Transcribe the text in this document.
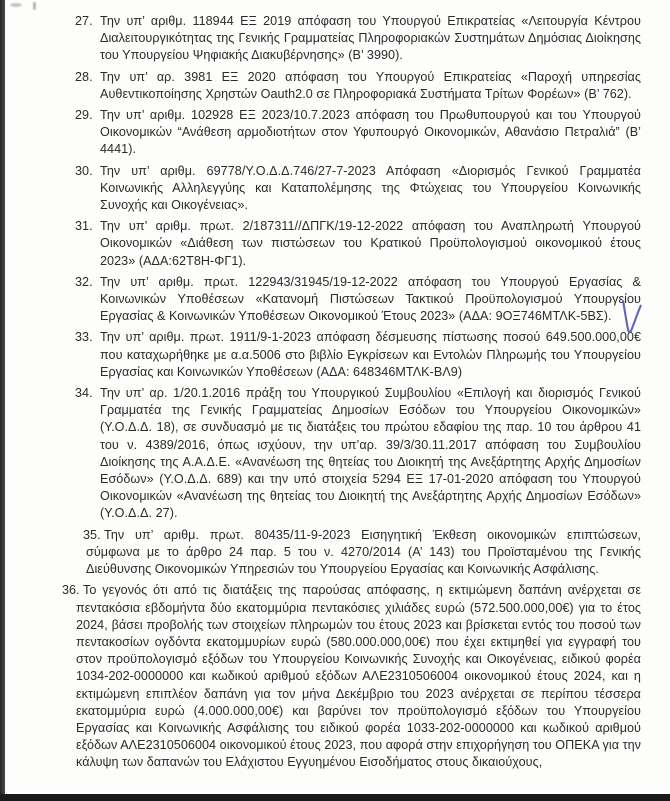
27. Την υπ’ αριθμ. 118944 ΕΞ 2019 απόφαση του Υπουργού Επικρατείας «Λειτουργία Κέντρου Διαλειτουργικότητας της Γενικής Γραμματείας Πληροφοριακών Συστημάτων Δημόσιας Διοίκησης του Υπουργείου Ψηφιακής Διακυβέρνησης» (Β’ 3990).
28. Την υπ’ αρ. 3981 ΕΞ 2020 απόφαση του Υπουργού Επικρατείας «Παροχή υπηρεσίας Αυθεντικοποίησης Χρηστών Oauth2.0 σε Πληροφοριακά Συστήματα Τρίτων Φορέων» (Β’ 762).
29. Την υπ’ αριθμ. 102928 ΕΞ 2023/10.7.2023 απόφαση του Πρωθυπουργού και του Υπουργού Οικονομικών “Ανάθεση αρμοδιοτήτων στον Υφυπουργό Οικονομικών, Αθανάσιο Πετραλιά” (Β’ 4441).
30. Την υπ’ αριθμ. 69778/Υ.Ο.Δ.Δ.746/27-7-2023 Απόφαση «Διορισμός Γενικού Γραμματέα Κοινωνικής Αλληλεγγύης και Καταπολέμησης της Φτώχειας του Υπουργείου Κοινωνικής Συνοχής και Οικογένειας».
31. Την υπ’ αριθμ. πρωτ. 2/187311//ΔΠΓΚ/19-12-2022 απόφαση του Αναπληρωτή Υπουργού Οικονομικών «Διάθεση των πιστώσεων του Κρατικού Προϋπολογισμού οικονομικού έτους 2023» (ΑΔΑ:62Τ8Η-ΦΓ1).
32. Την υπ’ αριθμ. πρωτ. 122943/31945/19-12-2022 απόφαση του Υπουργού Εργασίας & Κοινωνικών Υποθέσεων «Κατανομή Πιστώσεων Τακτικού Προϋπολογισμού Υπουργείου Εργασίας & Κοινωνικών Υποθέσεων Οικονομικού Έτους 2023» (ΑΔΑ: 9ΟΞ746ΜΤΛΚ-5ΒΣ).
33. Την υπ’ αριθμ. πρωτ. 1911/9-1-2023 απόφαση δέσμευσης πίστωσης ποσού 649.500.000,00€ που καταχωρήθηκε με α.α.5006 στο βιβλίο Εγκρίσεων και Εντολών Πληρωμής του Υπουργείου Εργασίας και Κοινωνικών Υποθέσεων (ΑΔΑ: 648346ΜΤΛΚ-ΒΛ9)
34. Την υπ’ αρ. 1/20.1.2016 πράξη του Υπουργικού Συμβουλίου «Επιλογή και διορισμός Γενικού Γραμματέα της Γενικής Γραμματείας Δημοσίων Εσόδων του Υπουργείου Οικονομικών» (Υ.Ο.Δ.Δ. 18), σε συνδυασμό με τις διατάξεις του πρώτου εδαφίου της παρ. 10 του άρθρου 41 του ν. 4389/2016, όπως ισχύουν, την υπ’αρ. 39/3/30.11.2017 απόφαση του Συμβουλίου Διοίκησης της Α.Α.Δ.Ε. «Ανανέωση της θητείας του Διοικητή της Ανεξάρτητης Αρχής Δημοσίων Εσόδων» (Υ.Ο.Δ.Δ. 689) και την υπό στοιχεία 5294 ΕΞ 17-01-2020 απόφαση του Υπουργού Οικονομικών «Ανανέωση της θητείας του Διοικητή της Ανεξάρτητης Αρχής Δημοσίων Εσόδων» (Υ.Ο.Δ.Δ. 27).
35. Την υπ’ αριθμ. πρωτ. 80435/11-9-2023 Εισηγητική Έκθεση οικονομικών επιπτώσεων, σύμφωνα με το άρθρο 24 παρ. 5 του ν. 4270/2014 (Α’ 143) του Προϊσταμένου της Γενικής Διεύθυνσης Οικονομικών Υπηρεσιών του Υπουργείου Εργασίας και Κοινωνικής Ασφάλισης.
36. Το γεγονός ότι από τις διατάξεις της παρούσας απόφασης, η εκτιμώμενη δαπάνη ανέρχεται σε πεντακόσια εβδομήντα δύο εκατομμύρια πεντακόσιες χιλιάδες ευρώ (572.500.000,00€) για το έτος 2024, βάσει προβολής των στοιχείων πληρωμών του έτους 2023 και βρίσκεται εντός του ποσού των πεντακοσίων ογδόντα εκατομμυρίων ευρώ (580.000.000,00€) που έχει εκτιμηθεί για εγγραφή του στον προϋπολογισμό εξόδων του Υπουργείου Κοινωνικής Συνοχής και Οικογένειας, ειδικού φορέα 1034-202-0000000 και κωδικού αριθμού εξόδων ΑΛΕ2310506004 οικονομικού έτους 2024, και η εκτιμώμενη επιπλέον δαπάνη για τον μήνα Δεκέμβριο του 2023 ανέρχεται σε περίπου τέσσερα εκατομμύρια ευρώ (4.000.000,00€) και βαρύνει τον προϋπολογισμό εξόδων του Υπουργείου Εργασίας και Κοινωνικής Ασφάλισης του ειδικού φορέα 1033-202-0000000 και κωδικού αριθμού εξόδων ΑΛΕ2310506004 οικονομικού έτους 2023, που αφορά στην επιχορήγηση του ΟΠΕΚΑ για την κάλυψη των δαπανών του Ελάχιστου Εγγυημένου Εισοδήματος στους δικαιούχους,
